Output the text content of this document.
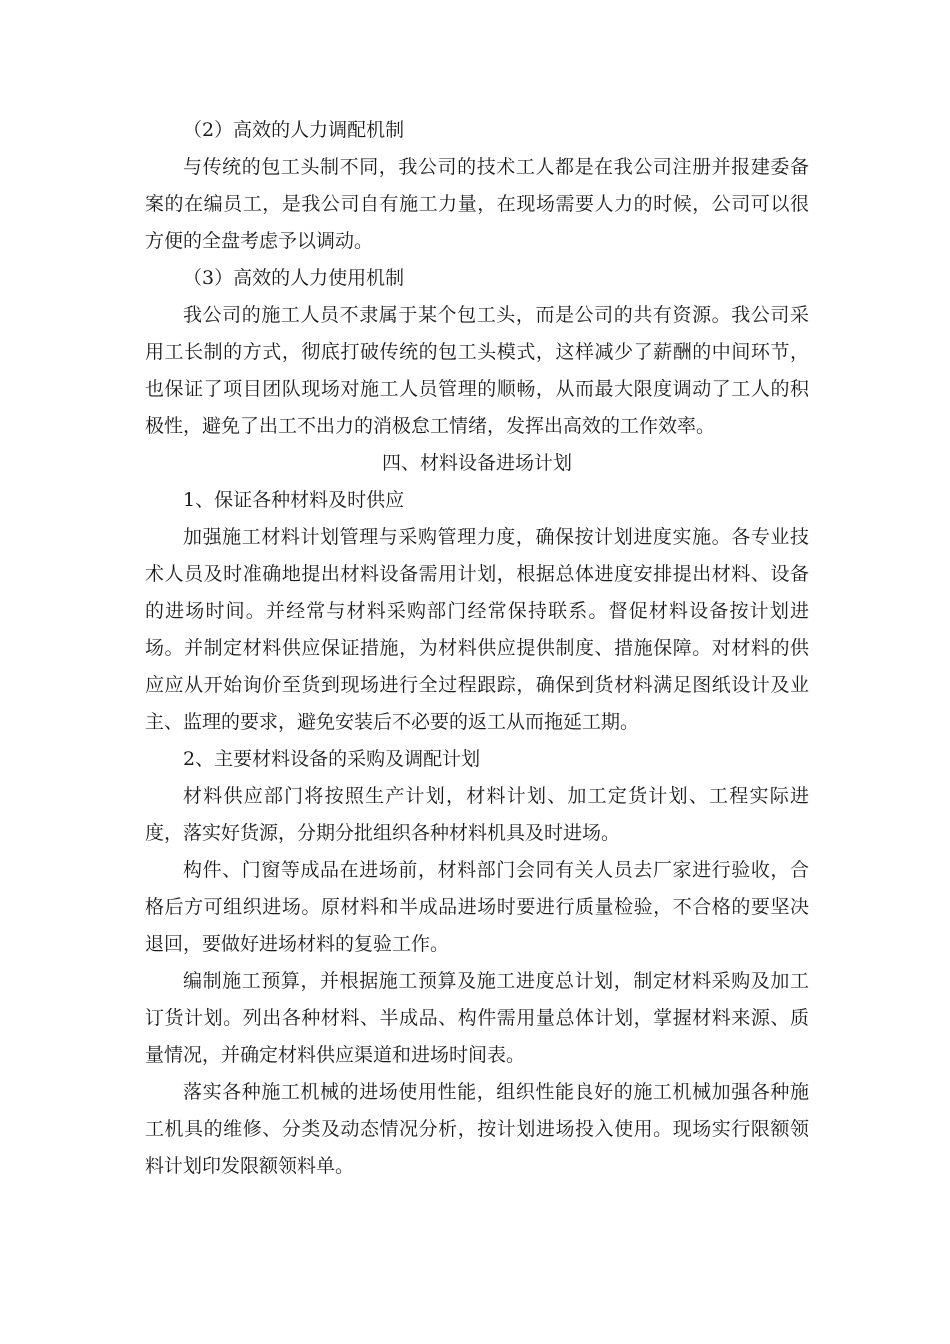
（2）高效的人力调配机制

与传统的包工头制不同，我公司的技术工人都是在我公司注册并报建委备案的在编员工，是我公司自有施工力量，在现场需要人力的时候，公司可以很方便的全盘考虑予以调动。

（3）高效的人力使用机制

我公司的施工人员不隶属于某个包工头，而是公司的共有资源。我公司采用工长制的方式，彻底打破传统的包工头模式，这样减少了薪酬的中间环节，也保证了项目团队现场对施工人员管理的顺畅，从而最大限度调动了工人的积极性，避免了出工不出力的消极怠工情绪，发挥出高效的工作效率。

四、材料设备进场计划

1、保证各种材料及时供应

加强施工材料计划管理与采购管理力度，确保按计划进度实施。各专业技术人员及时准确地提出材料设备需用计划，根据总体进度安排提出材料、设备的进场时间。并经常与材料采购部门经常保持联系。督促材料设备按计划进场。并制定材料供应保证措施，为材料供应提供制度、措施保障。对材料的供应应从开始询价至货到现场进行全过程跟踪，确保到货材料满足图纸设计及业主、监理的要求，避免安装后不必要的返工从而拖延工期。

2、主要材料设备的采购及调配计划

材料供应部门将按照生产计划，材料计划、加工定货计划、工程实际进度，落实好货源，分期分批组织各种材料机具及时进场。

构件、门窗等成品在进场前，材料部门会同有关人员去厂家进行验收，合格后方可组织进场。原材料和半成品进场时要进行质量检验，不合格的要坚决退回，要做好进场材料的复验工作。

编制施工预算，并根据施工预算及施工进度总计划，制定材料采购及加工订货计划。列出各种材料、半成品、构件需用量总体计划，掌握材料来源、质量情况，并确定材料供应渠道和进场时间表。

落实各种施工机械的进场使用性能，组织性能良好的施工机械加强各种施工机具的维修、分类及动态情况分析，按计划进场投入使用。现场实行限额领料计划印发限额领料单。
